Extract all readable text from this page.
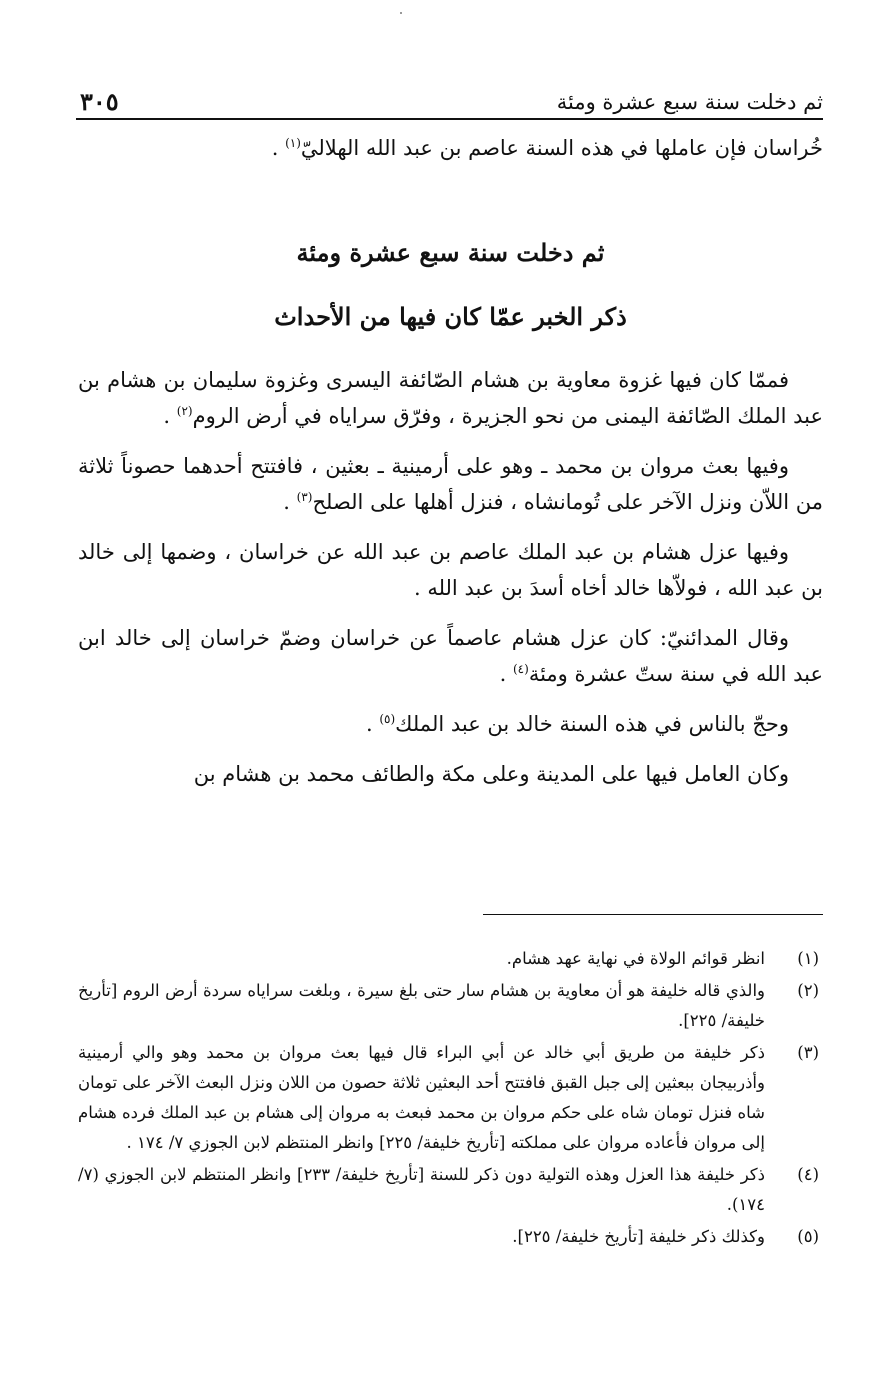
ثم دخلت سنة سبع عشرة ومئة
٣٠٥

خُراسان فإن عاملها في هذه السنة عاصم بن عبد الله الهلاليّ$^{(١)}$ .

ثم دخلت سنة سبع عشرة ومئة

ذكر الخبر عمّا كان فيها من الأحداث

فممّا كان فيها غزوة معاوية بن هشام الصّائفة اليسرى وغزوة سليمان بن هشام بن عبد الملك الصّائفة اليمنى من نحو الجزيرة ، وفرّق سراياه في أرض الروم$^{(٢)}$ .

وفيها بعث مروان بن محمد ـ وهو على أرمينية ـ بعثين ، فافتتح أحدهما حصوناً ثلاثة من اللاّن ونزل الآخر على تُومانشاه ، فنزل أهلها على الصلح$^{(٣)}$ .

وفيها عزل هشام بن عبد الملك عاصم بن عبد الله عن خراسان ، وضمها إلى خالد بن عبد الله ، فولاّها خالد أخاه أسدَ بن عبد الله .

وقال المدائنيّ: كان عزل هشام عاصماً عن خراسان وضمّ خراسان إلى خالد ابن عبد الله في سنة ستّ عشرة ومئة$^{(٤)}$ .

وحجّ بالناس في هذه السنة خالد بن عبد الملك$^{(٥)}$ .

وكان العامل فيها على المدينة وعلى مكة والطائف محمد بن هشام بن

(١)
انظر قوائم الولاة في نهاية عهد هشام.
(٢)
والذي قاله خليفة هو أن معاوية بن هشام سار حتى بلغ سيرة ، وبلغت سراياه سردة أرض الروم [تأريخ خليفة/ ٢٢٥].
(٣)
ذكر خليفة من طريق أبي خالد عن أبي البراء قال فيها بعث مروان بن محمد وهو والي أرمينية وأذربيجان ببعثين إلى جبل القبق فافتتح أحد البعثين ثلاثة حصون من اللان ونزل البعث الآخر على تومان شاه فنزل تومان شاه على حكم مروان بن محمد فبعث به مروان إلى هشام بن عبد الملك فرده هشام إلى مروان فأعاده مروان على مملكته [تأريخ خليفة/ ٢٢٥] وانظر المنتظم لابن الجوزي ٧/ ١٧٤ .
(٤)
ذكر خليفة هذا العزل وهذه التولية دون ذكر للسنة [تأريخ خليفة/ ٢٣٣] وانظر المنتظم لابن الجوزي (٧/ ١٧٤).
(٥)
وكذلك ذكر خليفة [تأريخ خليفة/ ٢٢٥].
